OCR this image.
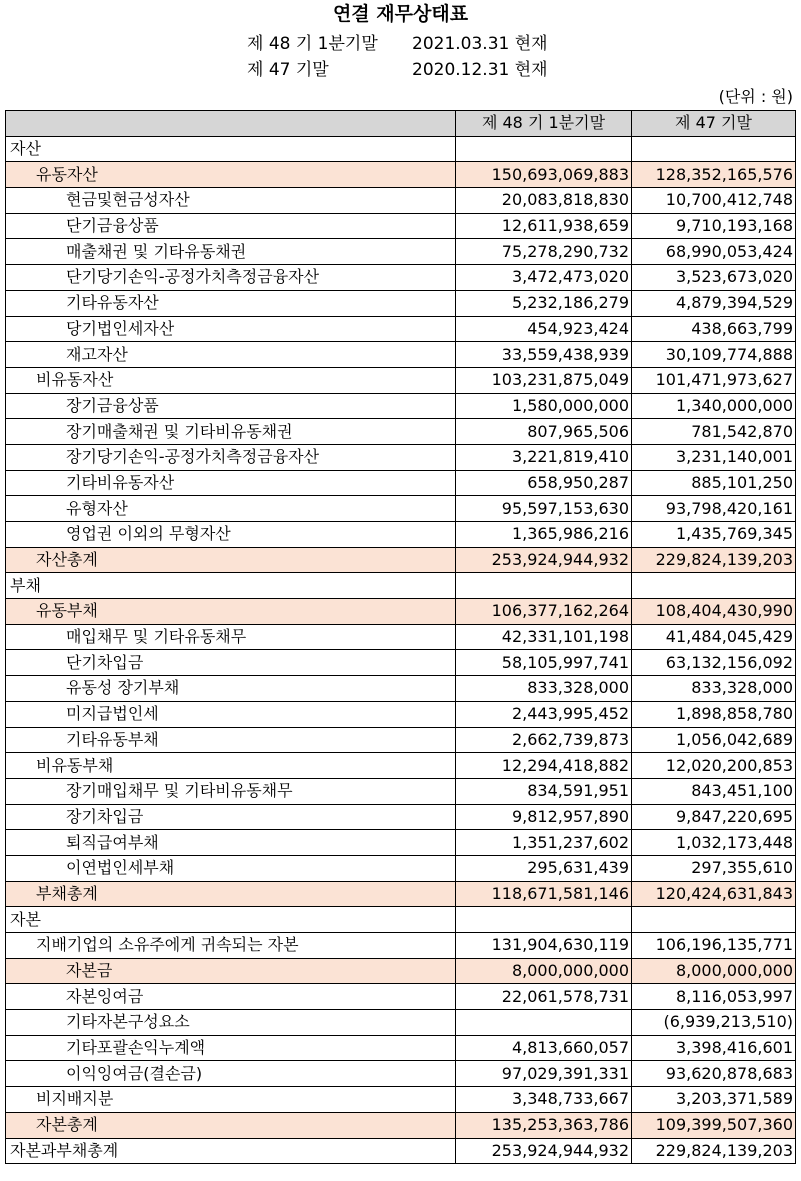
연결 재무상태표
제 48 기 1분기말 2021.03.31 현재
제 47 기말	2020.12.31 현재
(단위 : 원)
	제 48 기 1분기말	제 47 기말
자산		
유동자산	150,693,069,883	128,352,165,576
현금및현금성자산	20,083,818,830	10,700,412,748
단기금융상품	12,611,938,659	9,710,193,168
매출채권 및 기타유동채권	75,278,290,732	68,990,053,424
단기당기손익-공정가치측정금융자산	3,472,473,020	3,523,673,020
기타유동자산	5,232,186,279	4,879,394,529
당기법인세자산	454,923,424	438,663,799
재고자산	33,559,438,939	30,109,774,888
비유동자산	103,231,875,049	101,471,973,627
장기금융상품	1,580,000,000	1,340,000,000
장기매출채권 및 기타비유동채권	807,965,506	781,542,870
장기당기손익-공정가치측정금융자산	3,221,819,410	3,231,140,001
기타비유동자산	658,950,287	885,101,250
유형자산	95,597,153,630	93,798,420,161
영업권 이외의 무형자산	1,365,986,216	1,435,769,345
자산총계	253,924,944,932	229,824,139,203
부채		
유동부채	106,377,162,264	108,404,430,990
매입채무 및 기타유동채무	42,331,101,198	41,484,045,429
단기차입금	58,105,997,741	63,132,156,092
유동성 장기부채	833,328,000	833,328,000
미지급법인세	2,443,995,452	1,898,858,780
기타유동부채	2,662,739,873	1,056,042,689
비유동부채	12,294,418,882	12,020,200,853
장기매입채무 및 기타비유동채무	834,591,951	843,451,100
장기차입금	9,812,957,890	9,847,220,695
퇴직급여부채	1,351,237,602	1,032,173,448
이연법인세부채	295,631,439	297,355,610
부채총계	118,671,581,146	120,424,631,843
자본		
지배기업의 소유주에게 귀속되는 자본	131,904,630,119	106,196,135,771
자본금	8,000,000,000	8,000,000,000
자본잉여금	22,061,578,731	8,116,053,997
기타자본구성요소		(6,939,213,510)
기타포괄손익누계액	4,813,660,057	3,398,416,601
이익잉여금(결손금)	97,029,391,331	93,620,878,683
비지배지분	3,348,733,667	3,203,371,589
자본총계	135,253,363,786	109,399,507,360
자본과부채총계	253,924,944,932	229,824,139,203
